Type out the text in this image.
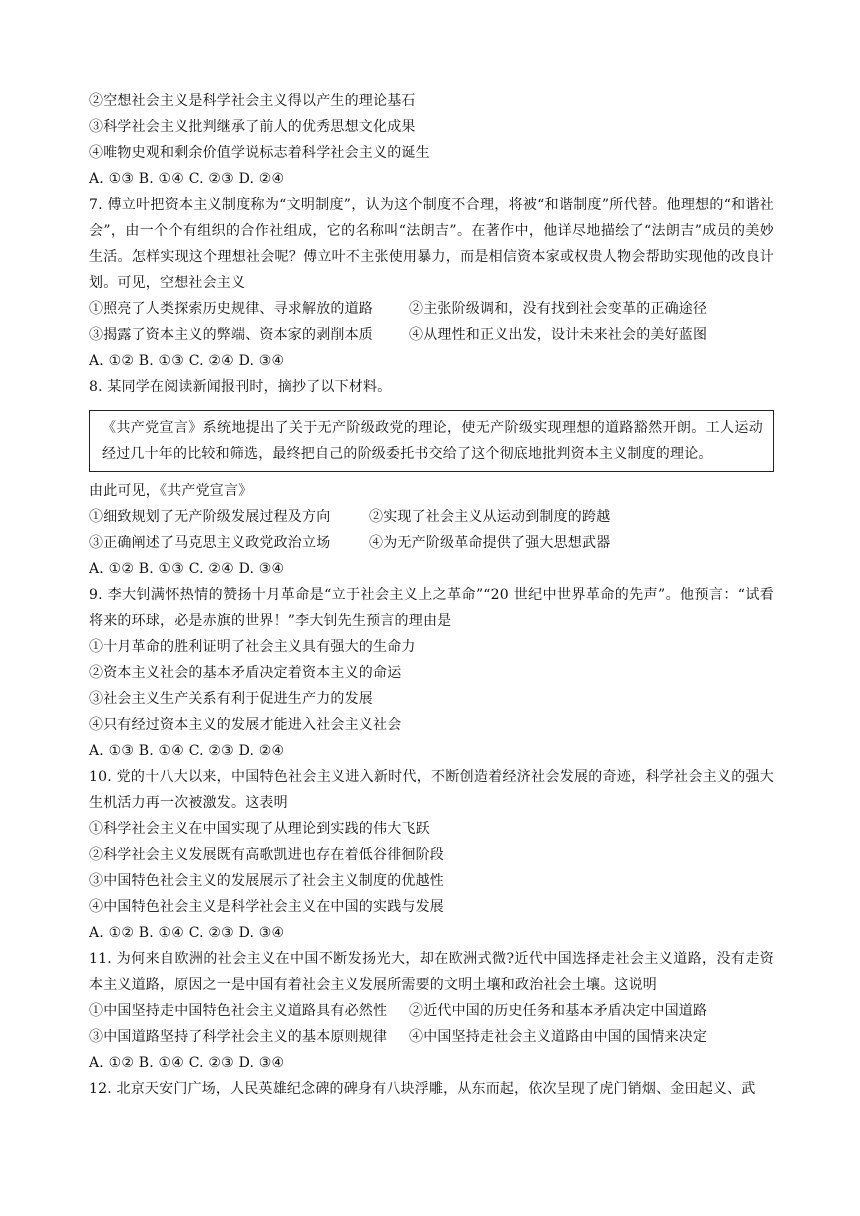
②空想社会主义是科学社会主义得以产生的理论基石
③科学社会主义批判继承了前人的优秀思想文化成果
④唯物史观和剩余价值学说标志着科学社会主义的诞生
A. ①③ B. ①④ C. ②③ D. ②④
7. 傅立叶把资本主义制度称为“文明制度”，认为这个制度不合理，将被“和谐制度”所代替。他理想的“和谐社会”，由一个个有组织的合作社组成，它的名称叫“法朗吉”。在著作中，他详尽地描绘了“法朗吉”成员的美妙生活。怎样实现这个理想社会呢？傅立叶不主张使用暴力，而是相信资本家或权贵人物会帮助实现他的改良计划。可见，空想社会主义
①照亮了人类探索历史规律、寻求解放的道路	②主张阶级调和，没有找到社会变革的正确途径
③揭露了资本主义的弊端、资本家的剥削本质	④从理性和正义出发，设计未来社会的美好蓝图
A. ①② B. ①③ C. ②④ D. ③④
8. 某同学在阅读新闻报刊时，摘抄了以下材料。
《共产党宣言》系统地提出了关于无产阶级政党的理论，使无产阶级实现理想的道路豁然开朗。工人运动经过几十年的比较和筛选，最终把自己的阶级委托书交给了这个彻底地批判资本主义制度的理论。
由此可见，《共产党宣言》
①细致规划了无产阶级发展过程及方向	②实现了社会主义从运动到制度的跨越
③正确阐述了马克思主义政党政治立场	④为无产阶级革命提供了强大思想武器
A. ①② B. ①③ C. ②④ D. ③④
9. 李大钊满怀热情的赞扬十月革命是“立于社会主义上之革命”“20 世纪中世界革命的先声”。他预言：“试看将来的环球，必是赤旗的世界！”李大钊先生预言的理由是
①十月革命的胜利证明了社会主义具有强大的生命力
②资本主义社会的基本矛盾决定着资本主义的命运
③社会主义生产关系有利于促进生产力的发展
④只有经过资本主义的发展才能进入社会主义社会
A. ①③ B. ①④ C. ②③ D. ②④
10. 党的十八大以来，中国特色社会主义进入新时代，不断创造着经济社会发展的奇迹，科学社会主义的强大生机活力再一次被激发。这表明
①科学社会主义在中国实现了从理论到实践的伟大飞跃
②科学社会主义发展既有高歌凯进也存在着低谷徘徊阶段
③中国特色社会主义的发展展示了社会主义制度的优越性
④中国特色社会主义是科学社会主义在中国的实践与发展
A. ①② B. ①④ C. ②③ D. ③④
11. 为何来自欧洲的社会主义在中国不断发扬光大，却在欧洲式微?近代中国选择走社会主义道路，没有走资本主义道路，原因之一是中国有着社会主义发展所需要的文明土壤和政治社会土壤。这说明
①中国坚持走中国特色社会主义道路具有必然性	②近代中国的历史任务和基本矛盾决定中国道路
③中国道路坚持了科学社会主义的基本原则规律	④中国坚持走社会主义道路由中国的国情来决定
A. ①② B. ①④ C. ②③ D. ③④
12. 北京天安门广场，人民英雄纪念碑的碑身有八块浮雕，从东而起，依次呈现了虎门销烟、金田起义、武
